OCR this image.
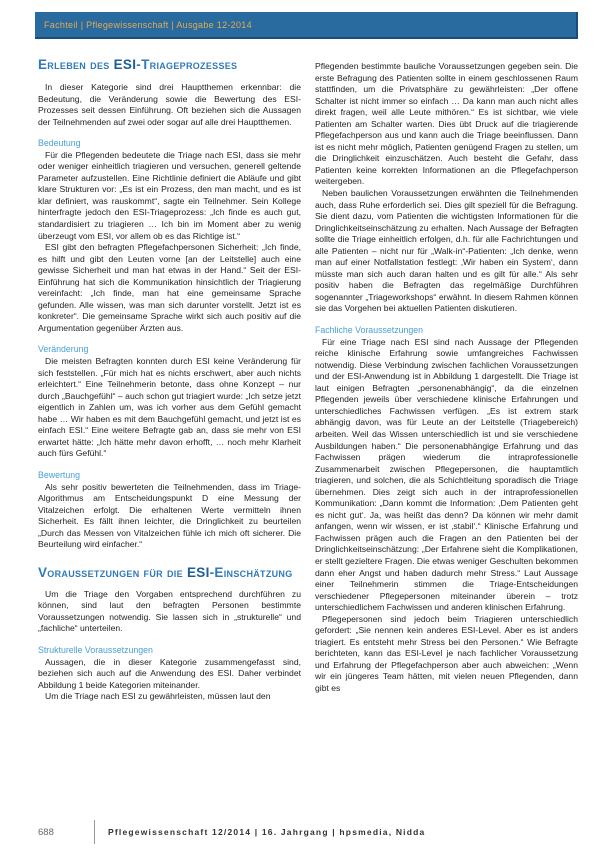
Fachteil | Pflegewissenschaft | Ausgabe 12-2014
Erleben des ESI-Triageprozesses

In dieser Kategorie sind drei Hauptthemen erkennbar: die Bedeutung, die Veränderung sowie die Bewertung des ESI-Prozesses seit dessen Einführung. Oft beziehen sich die Aussagen der Teilnehmenden auf zwei oder sogar auf alle drei Hauptthemen.

Bedeutung

Für die Pflegenden bedeutete die Triage nach ESI, dass sie mehr oder weniger einheitlich triagieren und versuchen, generell geltende Parameter aufzustellen. Eine Richtlinie definiert die Abläufe und gibt klare Strukturen vor: „Es ist ein Prozess, den man macht, und es ist klar definiert, was rauskommt“, sagte ein Teilnehmer. Sein Kollege hinterfragte jedoch den ESI-Triageprozess: „Ich finde es auch gut, standardisiert zu triagieren … Ich bin im Moment aber zu wenig überzeugt vom ESI, vor allem ob es das Richtige ist.“

ESI gibt den befragten Pflegefachpersonen Sicherheit: „Ich finde, es hilft und gibt den Leuten vorne [an der Leitstelle] auch eine gewisse Sicherheit und man hat etwas in der Hand.“ Seit der ESI-Einführung hat sich die Kommunikation hinsichtlich der Triagierung vereinfacht: „Ich finde, man hat eine gemeinsame Sprache gefunden. Alle wissen, was man sich darunter vorstellt. Jetzt ist es konkreter“. Die gemeinsame Sprache wirkt sich auch positiv auf die Argumentation gegenüber Ärzten aus.

Veränderung

Die meisten Befragten konnten durch ESI keine Veränderung für sich feststellen. „Für mich hat es nichts erschwert, aber auch nichts erleichtert.“ Eine Teilnehmerin betonte, dass ohne Konzept – nur durch „Bauchgefühl“ – auch schon gut triagiert wurde: „Ich setze jetzt eigentlich in Zahlen um, was ich vorher aus dem Gefühl gemacht habe … Wir haben es mit dem Bauchgefühl gemacht, und jetzt ist es einfach ESI.“ Eine weitere Befragte gab an, dass sie mehr von ESI erwartet hätte: „Ich hätte mehr davon erhofft, … noch mehr Klarheit auch fürs Gefühl.“

Bewertung

Als sehr positiv bewerteten die Teilnehmenden, dass im Triage-Algorithmus am Entscheidungspunkt D eine Messung der Vitalzeichen erfolgt. Die erhaltenen Werte vermitteln ihnen Sicherheit. Es fällt ihnen leichter, die Dringlichkeit zu beurteilen „Durch das Messen von Vitalzeichen fühle ich mich oft sicherer. Die Beurteilung wird einfacher.“

Voraussetzungen für die ESI-Einschätzung

Um die Triage den Vorgaben entsprechend durchführen zu können, sind laut den befragten Personen bestimmte Voraussetzungen notwendig. Sie lassen sich in „strukturelle“ und „fachliche“ unterteilen.

Strukturelle Voraussetzungen

Aussagen, die in dieser Kategorie zusammengefasst sind, beziehen sich auch auf die Anwendung des ESI. Daher verbindet Abbildung 1 beide Kategorien miteinander.

Um die Triage nach ESI zu gewährleisten, müssen laut den

Pflegenden bestimmte bauliche Voraussetzungen gegeben sein. Die erste Befragung des Patienten sollte in einem geschlossenen Raum stattfinden, um die Privatsphäre zu gewährleisten: „Der offene Schalter ist nicht immer so einfach … Da kann man auch nicht alles direkt fragen, weil alle Leute mithören.“ Es ist sichtbar, wie viele Patienten am Schalter warten. Dies übt Druck auf die triagierende Pflegefachperson aus und kann auch die Triage beeinflussen. Dann ist es nicht mehr möglich, Patienten genügend Fragen zu stellen, um die Dringlichkeit einzuschätzen. Auch besteht die Gefahr, dass Patienten keine korrekten Informationen an die Pflegefachperson weitergeben.

Neben baulichen Voraussetzungen erwähnten die Teilnehmenden auch, dass Ruhe erforderlich sei. Dies gilt speziell für die Befragung. Sie dient dazu, vom Patienten die wichtigsten Informationen für die Dringlichkeitseinschätzung zu erhalten. Nach Aussage der Befragten sollte die Triage einheitlich erfolgen, d.h. für alle Fachrichtungen und alle Patienten – nicht nur für „Walk-in“-Patienten: „Ich denke, wenn man auf einer Notfallstation festlegt: ‚Wir haben ein System‘, dann müsste man sich auch daran halten und es gilt für alle.“ Als sehr positiv haben die Befragten das regelmäßige Durchführen sogenannter „Triageworkshops“ erwähnt. In diesem Rahmen können sie das Vorgehen bei aktuellen Patienten diskutieren.

Fachliche Voraussetzungen

Für eine Triage nach ESI sind nach Aussage der Pflegenden reiche klinische Erfahrung sowie umfangreiches Fachwissen notwendig. Diese Verbindung zwischen fachlichen Voraussetzungen und der ESI-Anwendung ist in Abbildung 1 dargestellt. Die Triage ist laut einigen Befragten „personenabhängig“, da die einzelnen Pflegenden jeweils über verschiedene klinische Erfahrungen und unterschiedliches Fachwissen verfügen. „Es ist extrem stark abhängig davon, was für Leute an der Leitstelle (Triagebereich) arbeiten. Weil das Wissen unterschiedlich ist und sie verschiedene Ausbildungen haben.“ Die personenabhängige Erfahrung und das Fachwissen prägen wiederum die intraprofessionelle Zusammenarbeit zwischen Pflegepersonen, die hauptamtlich triagieren, und solchen, die als Schichtleitung sporadisch die Triage übernehmen. Dies zeigt sich auch in der intraprofessionellen Kommunikation: „Dann kommt die Information: ‚Dem Patienten geht es nicht gut‘. Ja, was heißt das denn? Da können wir mehr damit anfangen, wenn wir wissen, er ist ‚stabil‘.“ Klinische Erfahrung und Fachwissen prägen auch die Fragen an den Patienten bei der Dringlichkeitseinschätzung: „Der Erfahrene sieht die Komplikationen, er stellt gezieltere Fragen. Die etwas weniger Geschulten bekommen dann eher Angst und haben dadurch mehr Stress.“ Laut Aussage einer Teilnehmerin stimmen die Triage-Entscheidungen verschiedener Pflegepersonen miteinander überein – trotz unterschiedlichem Fachwissen und anderen klinischen Erfahrung.

Pflegepersonen sind jedoch beim Triagieren unterschiedlich gefordert: „Sie nennen kein anderes ESI-Level. Aber es ist anders triagiert. Es entsteht mehr Stress bei den Personen.“ Wie Befragte berichteten, kann das ESI-Level je nach fachlicher Voraussetzung und Erfahrung der Pflegefachperson aber auch abweichen: „Wenn wir ein jüngeres Team hätten, mit vielen neuen Pflegenden, dann gibt es

688	Pflegewissenschaft 12/2014 | 16. Jahrgang | hpsmedia, Nidda
